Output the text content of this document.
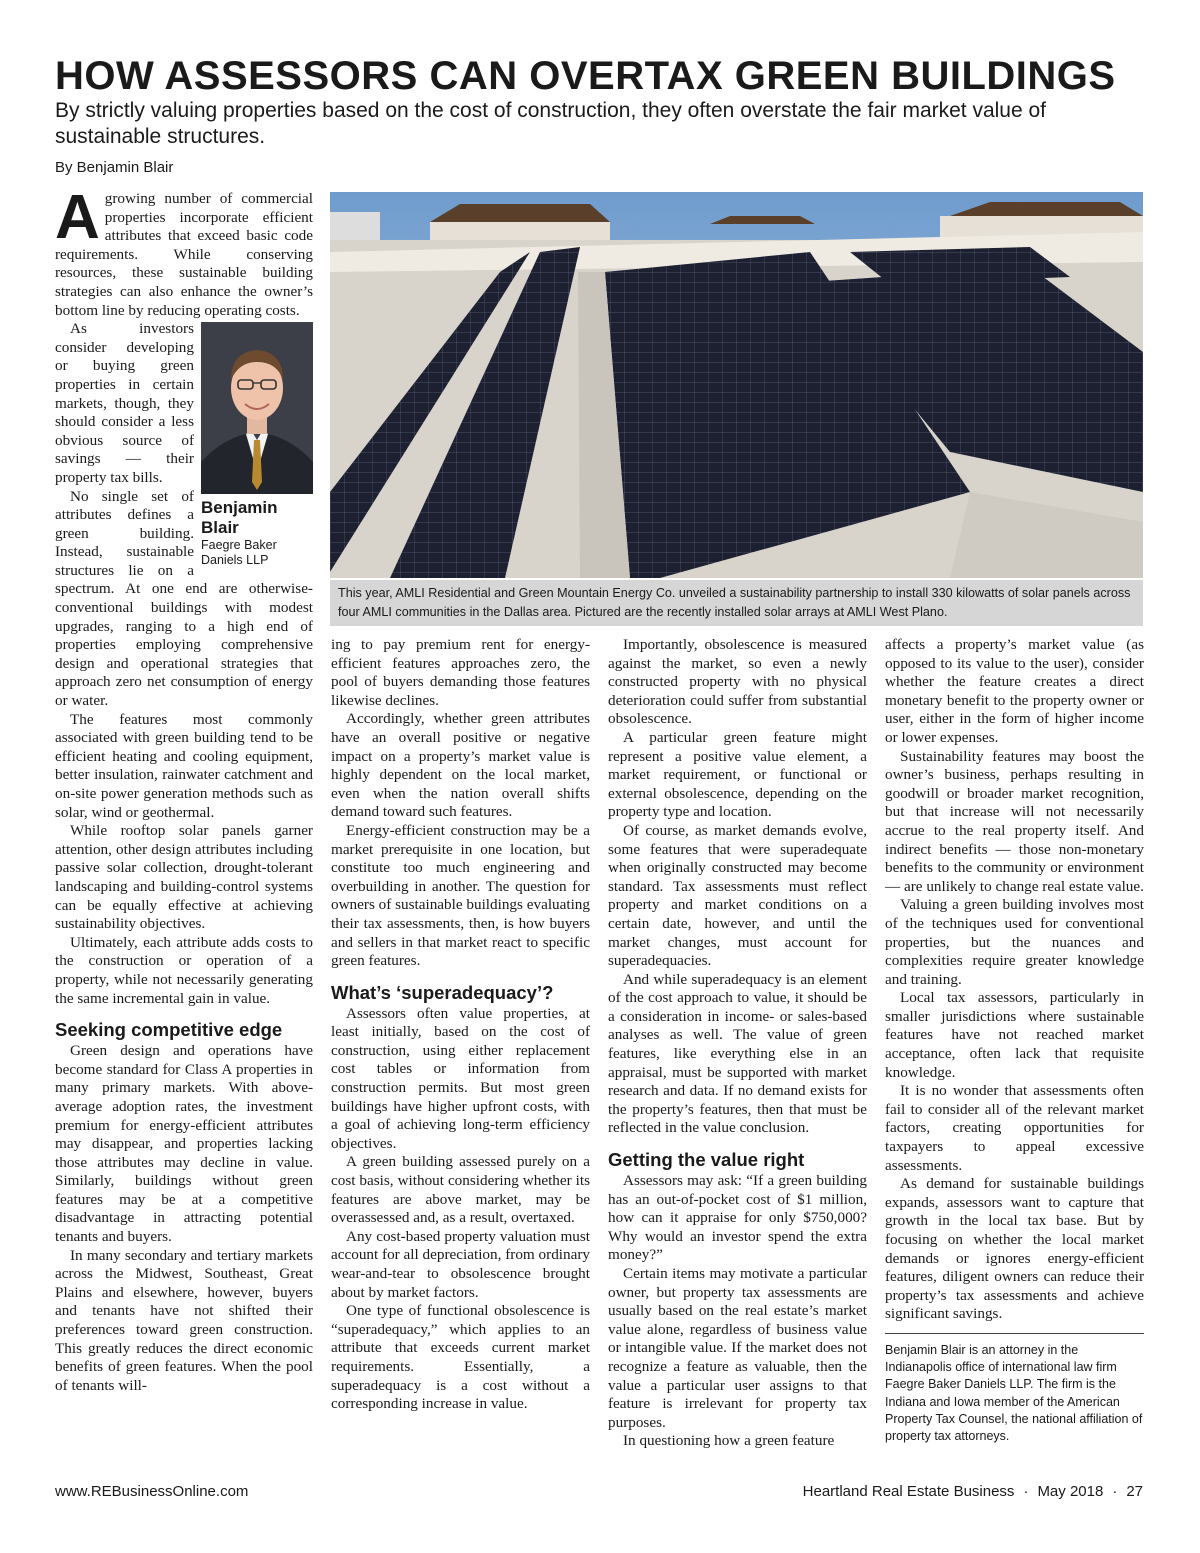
HOW ASSESSORS CAN OVERTAX GREEN BUILDINGS

By strictly valuing properties based on the cost of construction, they often overstate the fair market value of sustainable structures.

By Benjamin Blair

Agrowing number of commercial properties incorporate efficient attributes that exceed basic code requirements. While conserving resources, these sustainable building strategies can also enhance the owner’s bottom line by reducing operating costs.

Benjamin Blair
Faegre Baker Daniels LLP

As investors consider developing or buying green properties in certain markets, though, they should consider a less obvious source of savings — their property tax bills.

No single set of attributes defines a green building. Instead, sustainable structures lie on a spectrum. At one end are otherwise-conventional buildings with modest upgrades, ranging to a high end of properties employing comprehensive design and operational strategies that approach zero net consumption of energy or water.

The features most commonly associated with green building tend to be efficient heating and cooling equipment, better insulation, rainwater catchment and on-site power generation methods such as solar, wind or geothermal.

While rooftop solar panels garner attention, other design attributes including passive solar collection, drought-tolerant landscaping and building-control systems can be equally effective at achieving sustainability objectives.

Ultimately, each attribute adds costs to the construction or operation of a property, while not necessarily generating the same incremental gain in value.

Seeking competitive edge

Green design and operations have become standard for Class A properties in many primary markets. With above-average adoption rates, the investment premium for energy-efficient attributes may disappear, and properties lacking those attributes may decline in value. Similarly, buildings without green features may be at a competitive disadvantage in attracting potential tenants and buyers.

In many secondary and tertiary markets across the Midwest, Southeast, Great Plains and elsewhere, however, buyers and tenants have not shifted their preferences toward green construction. This greatly reduces the direct economic benefits of green features. When the pool of tenants will-

This year, AMLI Residential and Green Mountain Energy Co. unveiled a sustainability partnership to install 330 kilowatts of solar panels across four AMLI communities in the Dallas area. Pictured are the recently installed solar arrays at AMLI West Plano.

ing to pay premium rent for energy-efficient features approaches zero, the pool of buyers demanding those features likewise declines.

Accordingly, whether green attributes have an overall positive or negative impact on a property’s market value is highly dependent on the local market, even when the nation overall shifts demand toward such features.

Energy-efficient construction may be a market prerequisite in one location, but constitute too much engineering and overbuilding in another. The question for owners of sustainable buildings evaluating their tax assessments, then, is how buyers and sellers in that market react to specific green features.

What’s ‘superadequacy’?

Assessors often value properties, at least initially, based on the cost of construction, using either replacement cost tables or information from construction permits. But most green buildings have higher upfront costs, with a goal of achieving long-term efficiency objectives.

A green building assessed purely on a cost basis, without considering whether its features are above market, may be overassessed and, as a result, overtaxed.

Any cost-based property valuation must account for all depreciation, from ordinary wear-and-tear to obsolescence brought about by market factors.

One type of functional obsolescence is “superadequacy,” which applies to an attribute that exceeds current market requirements. Essentially, a superadequacy is a cost without a corresponding increase in value.

Importantly, obsolescence is measured against the market, so even a newly constructed property with no physical deterioration could suffer from substantial obsolescence.

A particular green feature might represent a positive value element, a market requirement, or functional or external obsolescence, depending on the property type and location.

Of course, as market demands evolve, some features that were superadequate when originally constructed may become standard. Tax assessments must reflect property and market conditions on a certain date, however, and until the market changes, must account for superadequacies.

And while superadequacy is an element of the cost approach to value, it should be a consideration in income- or sales-based analyses as well. The value of green features, like everything else in an appraisal, must be supported with market research and data. If no demand exists for the property’s features, then that must be reflected in the value conclusion.

Getting the value right

Assessors may ask: “If a green building has an out-of-pocket cost of $1 million, how can it appraise for only $750,000? Why would an investor spend the extra money?”

Certain items may motivate a particular owner, but property tax assessments are usually based on the real estate’s market value alone, regardless of business value or intangible value. If the market does not recognize a feature as valuable, then the value a particular user assigns to that feature is irrelevant for property tax purposes.

In questioning how a green feature

affects a property’s market value (as opposed to its value to the user), consider whether the feature creates a direct monetary benefit to the property owner or user, either in the form of higher income or lower expenses.

Sustainability features may boost the owner’s business, perhaps resulting in goodwill or broader market recognition, but that increase will not necessarily accrue to the real property itself. And indirect benefits — those non-monetary benefits to the community or environment — are unlikely to change real estate value.

Valuing a green building involves most of the techniques used for conventional properties, but the nuances and complexities require greater knowledge and training.

Local tax assessors, particularly in smaller jurisdictions where sustainable features have not reached market acceptance, often lack that requisite knowledge.

It is no wonder that assessments often fail to consider all of the relevant market factors, creating opportunities for taxpayers to appeal excessive assessments.

As demand for sustainable buildings expands, assessors want to capture that growth in the local tax base. But by focusing on whether the local market demands or ignores energy-efficient features, diligent owners can reduce their property’s tax assessments and achieve significant savings.

Benjamin Blair is an attorney in the Indianapolis office of international law firm Faegre Baker Daniels LLP. The firm is the Indiana and Iowa member of the American Property Tax Counsel, the national affiliation of property tax attorneys.
www.REBusinessOnline.com	Heartland Real Estate Business · May 2018 · 27
